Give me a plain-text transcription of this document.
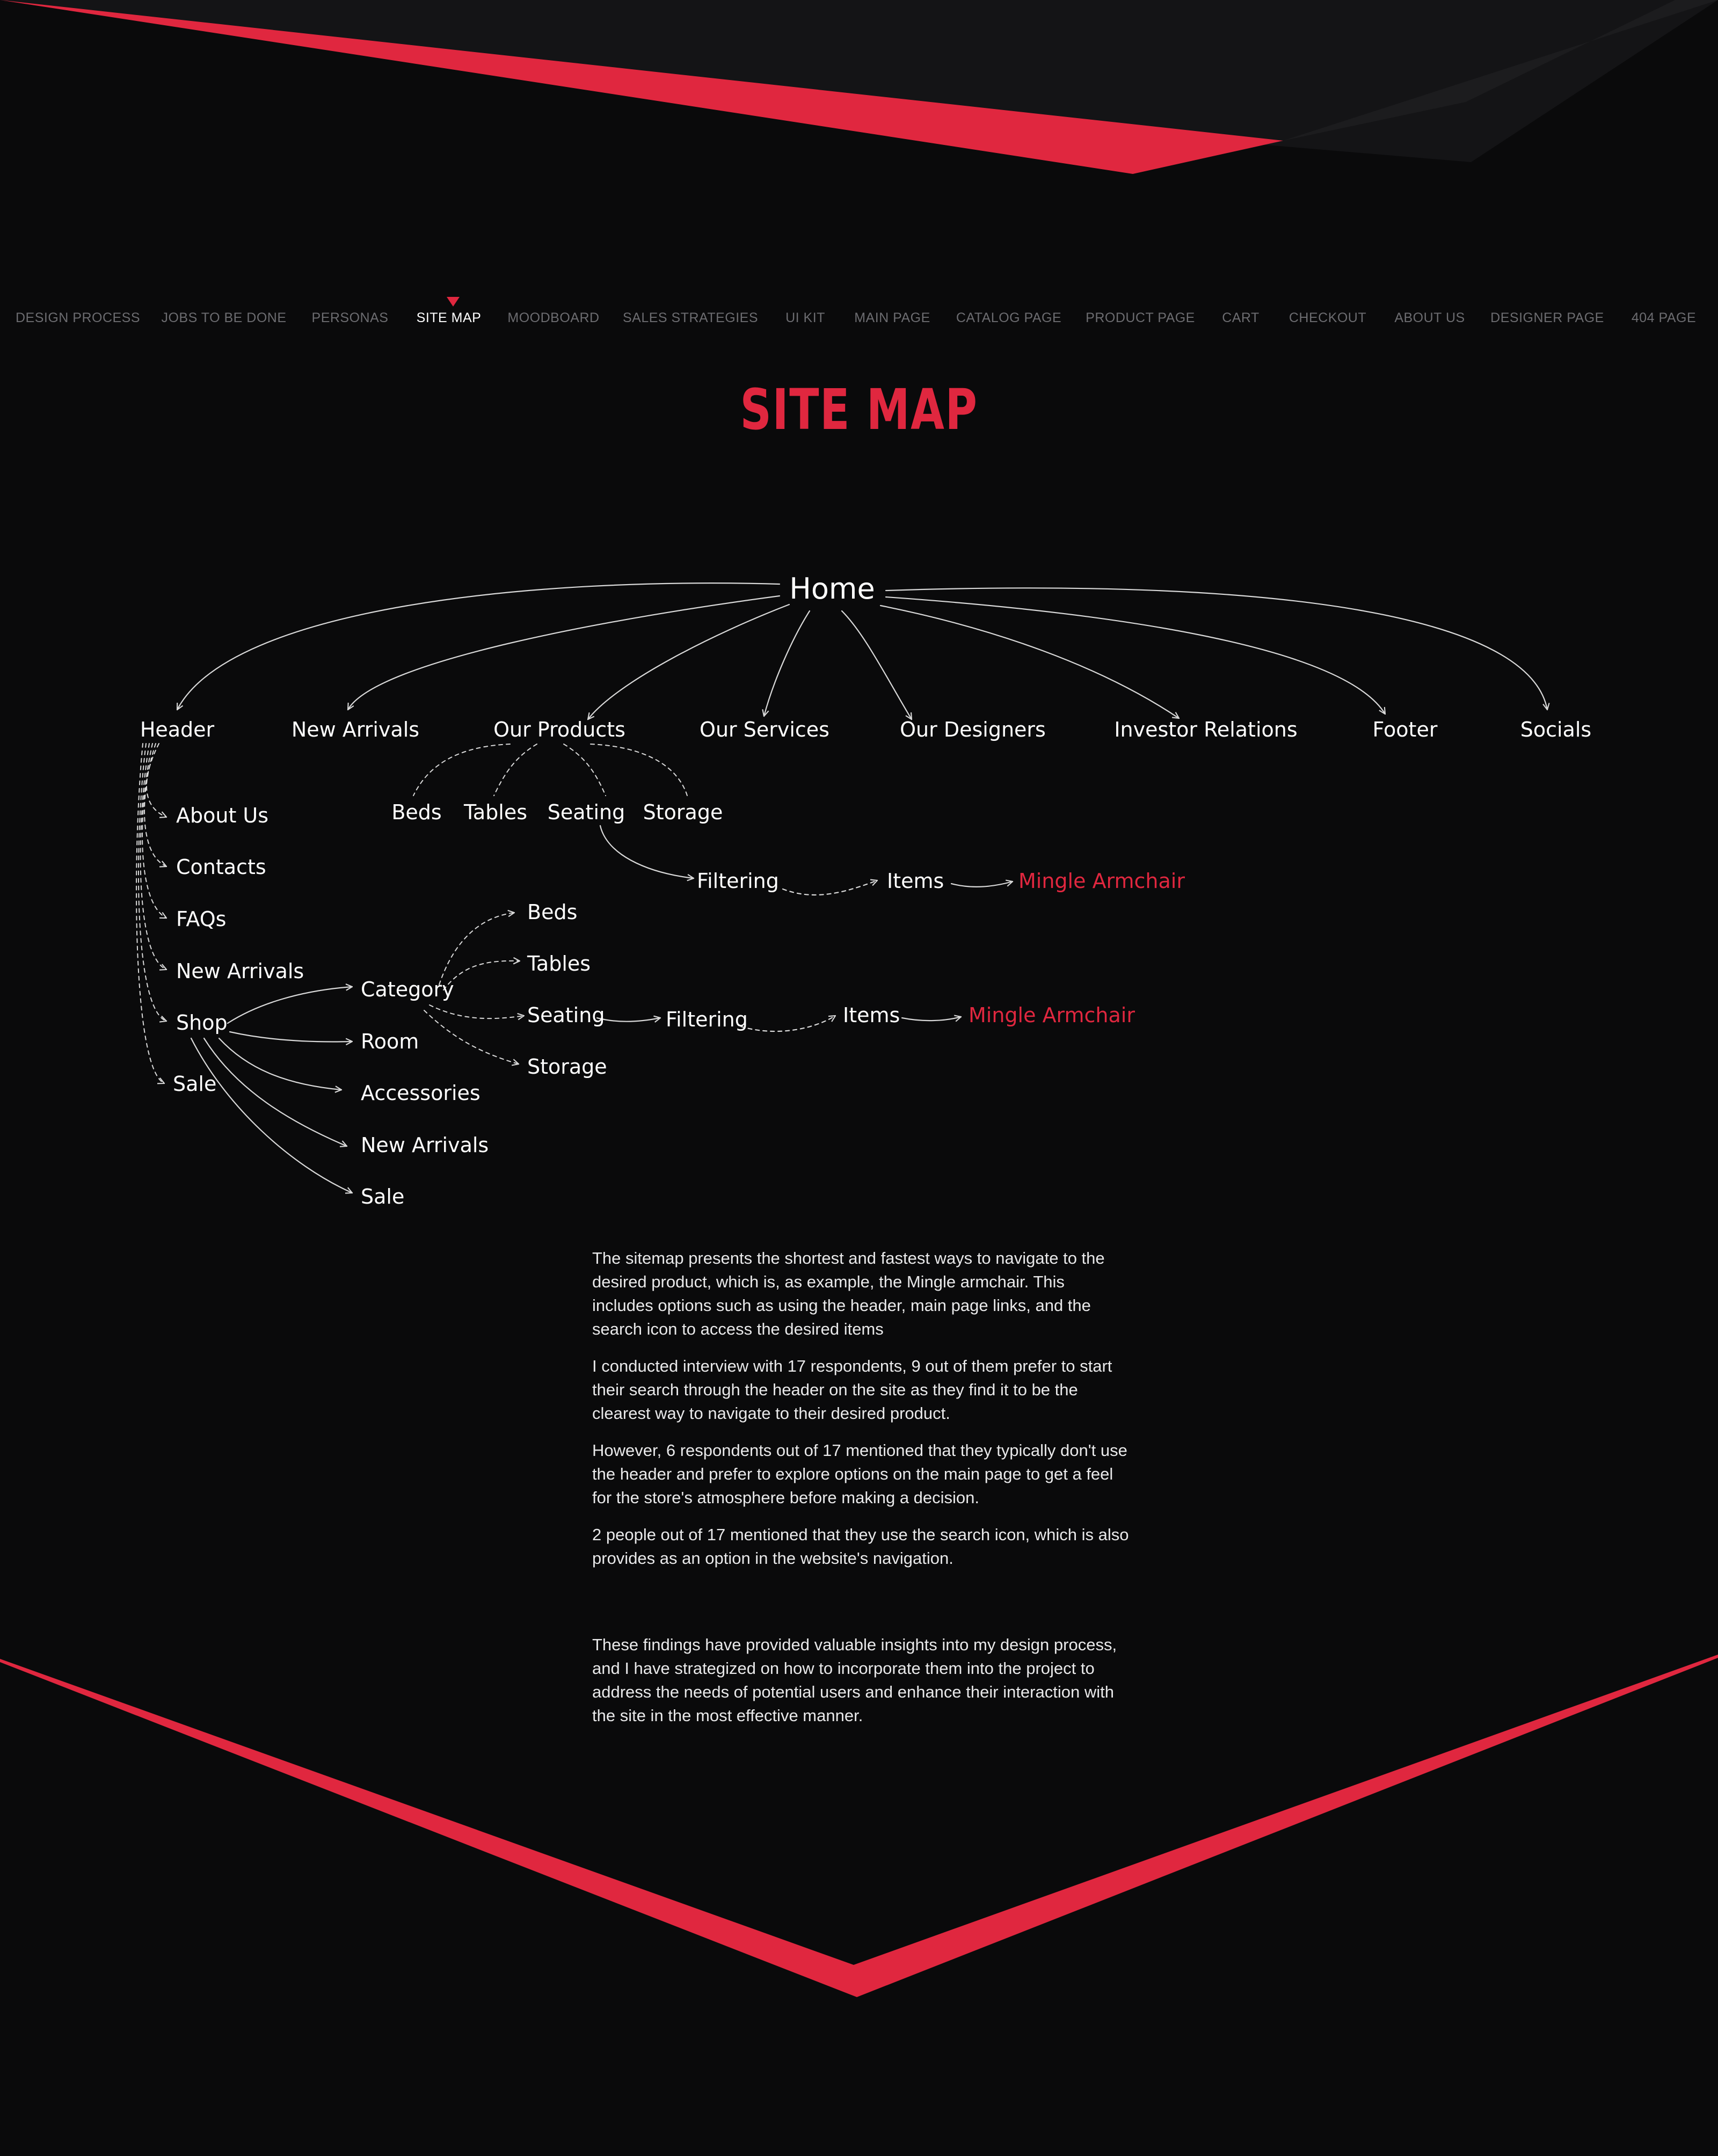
DESIGN PROCESS JOBS TO BE DONE PERSONAS SITE MAP MOODBOARD SALES STRATEGIES UI KIT MAIN PAGE CATALOG PAGE PRODUCT PAGE CART CHECKOUT ABOUT US DESIGNER PAGE 404 PAGE
SITE MAP
Home
Header	New Arrivals	Our Products	Our Services	Our Designers	Investor Relations	Footer	Socials
About Us
Contacts
FAQs
New Arrivals
Shop
Sale
Beds Tables Seating Storage
Filtering	Items	Mingle Armchair
Category
Room
Accessories
New Arrivals
Sale
Beds
Tables
Seating
Storage
Filtering	Items	Mingle Armchair

The sitemap presents the shortest and fastest ways to navigate to the desired product, which is, as example, the Mingle armchair. This includes options such as using the header, main page links, and the search icon to access the desired items

I conducted interview with 17 respondents, 9 out of them prefer to start their search through the header on the site as they find it to be the clearest way to navigate to their desired product.

However, 6 respondents out of 17 mentioned that they typically don't use the header and prefer to explore options on the main page to get a feel for the store's atmosphere before making a decision.

2 people out of 17 mentioned that they use the search icon, which is also provides as an option in the website's navigation.

These findings have provided valuable insights into my design process, and I have strategized on how to incorporate them into the project to address the needs of potential users and enhance their interaction with the site in the most effective manner.
